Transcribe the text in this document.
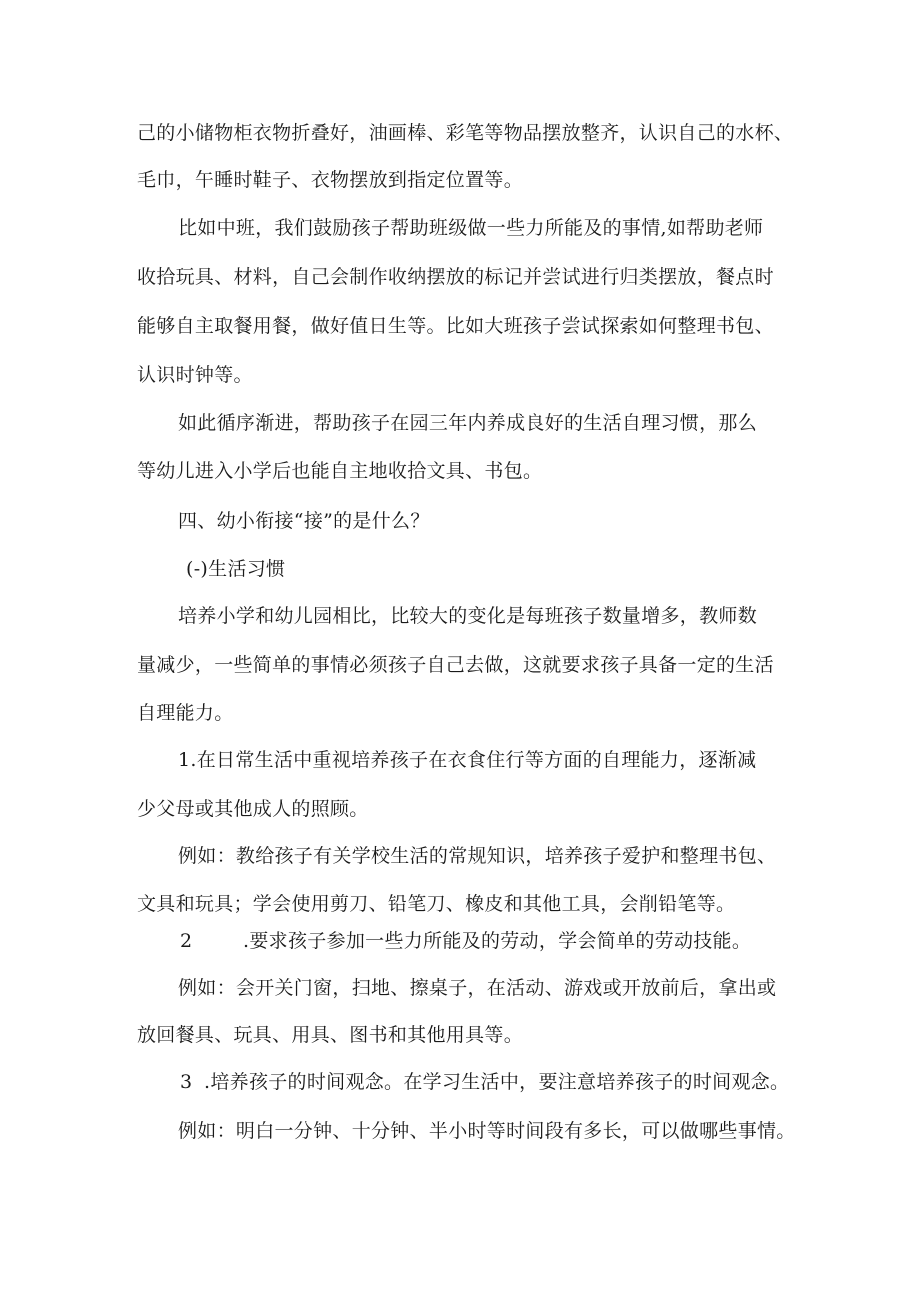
己的小储物柜衣物折叠好，油画棒、彩笔等物品摆放整齐，认识自己的水杯、
毛巾，午睡时鞋子、衣物摆放到指定位置等。
比如中班，我们鼓励孩子帮助班级做一些力所能及的事情,如帮助老师
收拾玩具、材料，自己会制作收纳摆放的标记并尝试进行归类摆放，餐点时
能够自主取餐用餐，做好值日生等。比如大班孩子尝试探索如何整理书包、
认识时钟等。
如此循序渐进，帮助孩子在园三年内养成良好的生活自理习惯，那么
等幼儿进入小学后也能自主地收拾文具、书包。
四、幼小衔接“接”的是什么？
(-)生活习惯
培养小学和幼儿园相比，比较大的变化是每班孩子数量增多，教师数
量减少，一些简单的事情必须孩子自己去做，这就要求孩子具备一定的生活
自理能力。
1.在日常生活中重视培养孩子在衣食住行等方面的自理能力，逐渐减
少父母或其他成人的照顾。
例如：教给孩子有关学校生活的常规知识，培养孩子爱护和整理书包、
文具和玩具；学会使用剪刀、铅笔刀、橡皮和其他工具，会削铅笔等。
2	.要求孩子参加一些力所能及的劳动，学会简单的劳动技能。
例如：会开关门窗，扫地、擦桌子，在活动、游戏或开放前后，拿出或
放回餐具、玩具、用具、图书和其他用具等。
3 .培养孩子的时间观念。在学习生活中，要注意培养孩子的时间观念。
例如：明白一分钟、十分钟、半小时等时间段有多长，可以做哪些事情。
